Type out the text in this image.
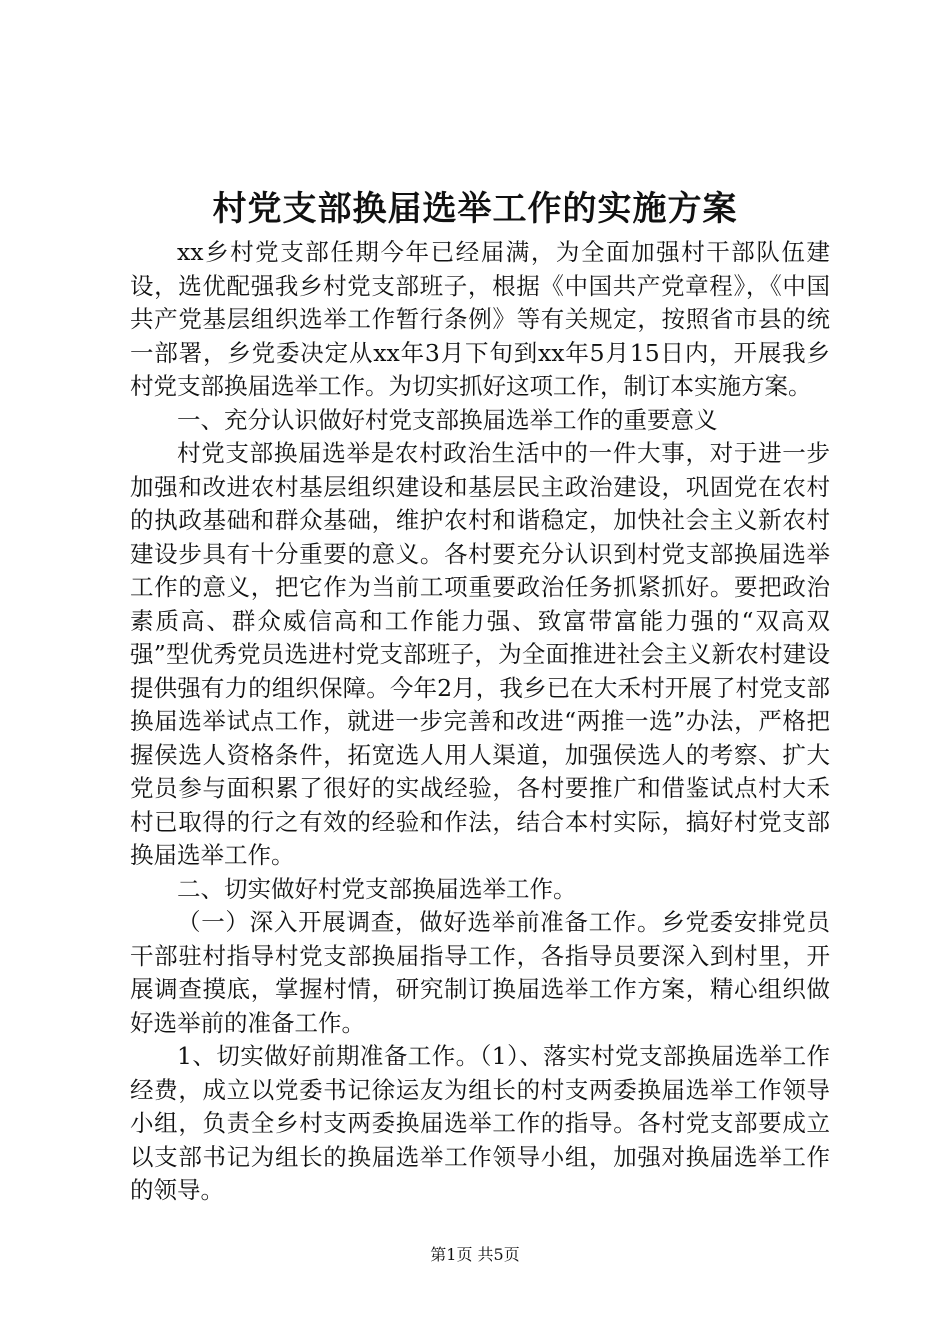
村党支部换届选举工作的实施方案

xx乡村党支部任期今年已经届满，为全面加强村干部队伍建设，选优配强我乡村党支部班子，根据《中国共产党章程》，《中国共产党基层组织选举工作暂行条例》等有关规定，按照省市县的统一部署，乡党委决定从xx年3月下旬到xx年5月15日内，开展我乡村党支部换届选举工作。为切实抓好这项工作，制订本实施方案。

一、充分认识做好村党支部换届选举工作的重要意义

村党支部换届选举是农村政治生活中的一件大事，对于进一步加强和改进农村基层组织建设和基层民主政治建设，巩固党在农村的执政基础和群众基础，维护农村和谐稳定，加快社会主义新农村建设步具有十分重要的意义。各村要充分认识到村党支部换届选举工作的意义，把它作为当前工项重要政治任务抓紧抓好。要把政治素质高、群众威信高和工作能力强、致富带富能力强的“双高双强”型优秀党员选进村党支部班子，为全面推进社会主义新农村建设提供强有力的组织保障。今年2月，我乡已在大禾村开展了村党支部换届选举试点工作，就进一步完善和改进“两推一选”办法，严格把握侯选人资格条件，拓宽选人用人渠道，加强侯选人的考察、扩大党员参与面积累了很好的实战经验，各村要推广和借鉴试点村大禾村已取得的行之有效的经验和作法，结合本村实际，搞好村党支部换届选举工作。

二、切实做好村党支部换届选举工作。

（一）深入开展调查，做好选举前准备工作。乡党委安排党员干部驻村指导村党支部换届指导工作，各指导员要深入到村里，开展调查摸底，掌握村情，研究制订换届选举工作方案，精心组织做好选举前的准备工作。

1、切实做好前期准备工作。（1）、落实村党支部换届选举工作经费，成立以党委书记徐运友为组长的村支两委换届选举工作领导小组，负责全乡村支两委换届选举工作的指导。各村党支部要成立以支部书记为组长的换届选举工作领导小组，加强对换届选举工作的领导。

第1页 共5页
